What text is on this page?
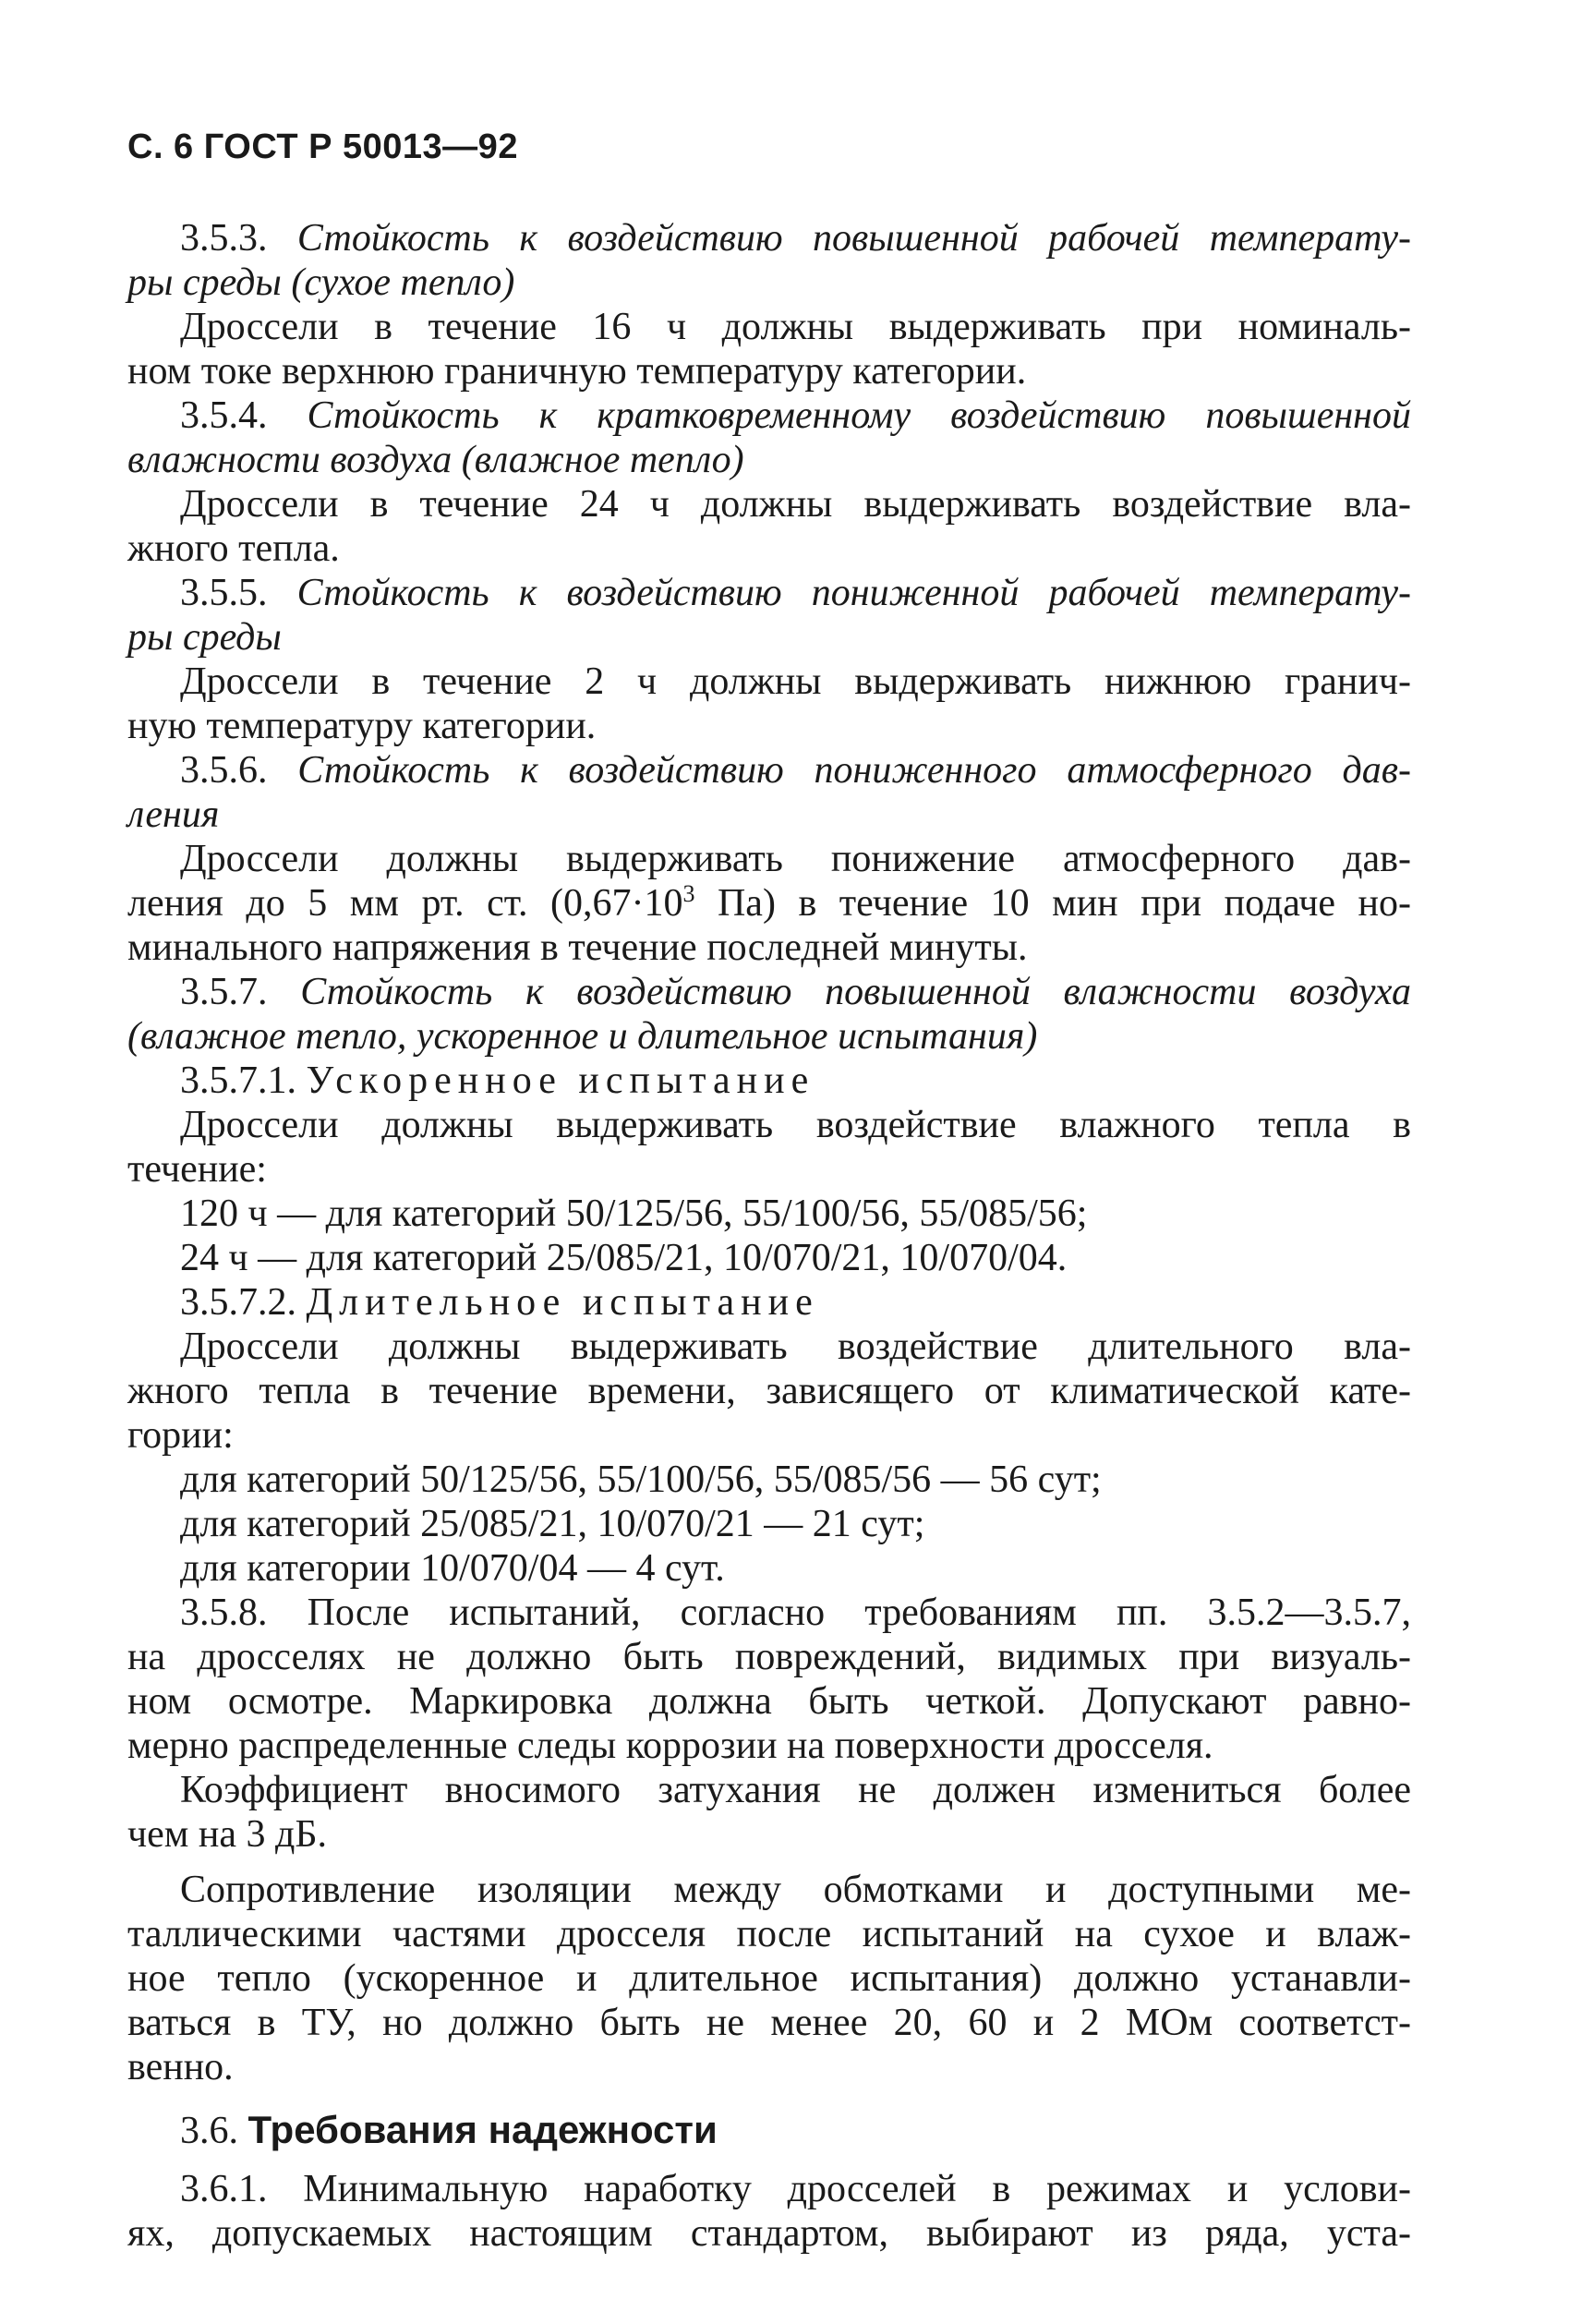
С. 6 ГОСТ Р 50013—92
3.5.3. Стойкость к воздействию повышенной рабочей температу-
ры среды (сухое тепло)
Дроссели в течение 16 ч должны выдерживать при номиналь-
ном токе верхнюю граничную температуру категории.
3.5.4. Стойкость к кратковременному воздействию повышенной
влажности воздуха (влажное тепло)
Дроссели в течение 24 ч должны выдерживать воздействие вла-
жного тепла.
3.5.5. Стойкость к воздействию пониженной рабочей температу-
ры среды
Дроссели в течение 2 ч должны выдерживать нижнюю гранич-
ную температуру категории.
3.5.6. Стойкость к воздействию пониженного атмосферного дав-
ления
Дроссели должны выдерживать понижение атмосферного дав-
ления до 5 мм рт. ст. ($0,67\cdot 10^3$ Па) в течение 10 мин при подаче но-
минального напряжения в течение последней минуты.
3.5.7. Стойкость к воздействию повышенной влажности воздуха
(влажное тепло, ускоренное и длительное испытания)
3.5.7.1. Ускоренное испытание
Дроссели должны выдерживать воздействие влажного тепла в
течение:
120 ч — для категорий 50/125/56, 55/100/56, 55/085/56;
24 ч — для категорий 25/085/21, 10/070/21, 10/070/04.
3.5.7.2. Длительное испытание
Дроссели должны выдерживать воздействие длительного вла-
жного тепла в течение времени, зависящего от климатической кате-
гории:
для категорий 50/125/56, 55/100/56, 55/085/56 — 56 сут;
для категорий 25/085/21, 10/070/21 — 21 сут;
для категории 10/070/04 — 4 сут.
3.5.8. После испытаний, согласно требованиям пп. 3.5.2—3.5.7,
на дросселях не должно быть повреждений, видимых при визуаль-
ном осмотре. Маркировка должна быть четкой. Допускают равно-
мерно распределенные следы коррозии на поверхности дросселя.
Коэффициент вносимого затухания не должен измениться более
чем на 3 дБ.
Сопротивление изоляции между обмотками и доступными ме-
таллическими частями дросселя после испытаний на сухое и влаж-
ное тепло (ускоренное и длительное испытания) должно устанавли-
ваться в ТУ, но должно быть не менее 20, 60 и 2 МОм соответст-
венно.
3.6. Требования надежности
3.6.1. Минимальную наработку дросселей в режимах и услови-
ях, допускаемых настоящим стандартом, выбирают из ряда, уста-
